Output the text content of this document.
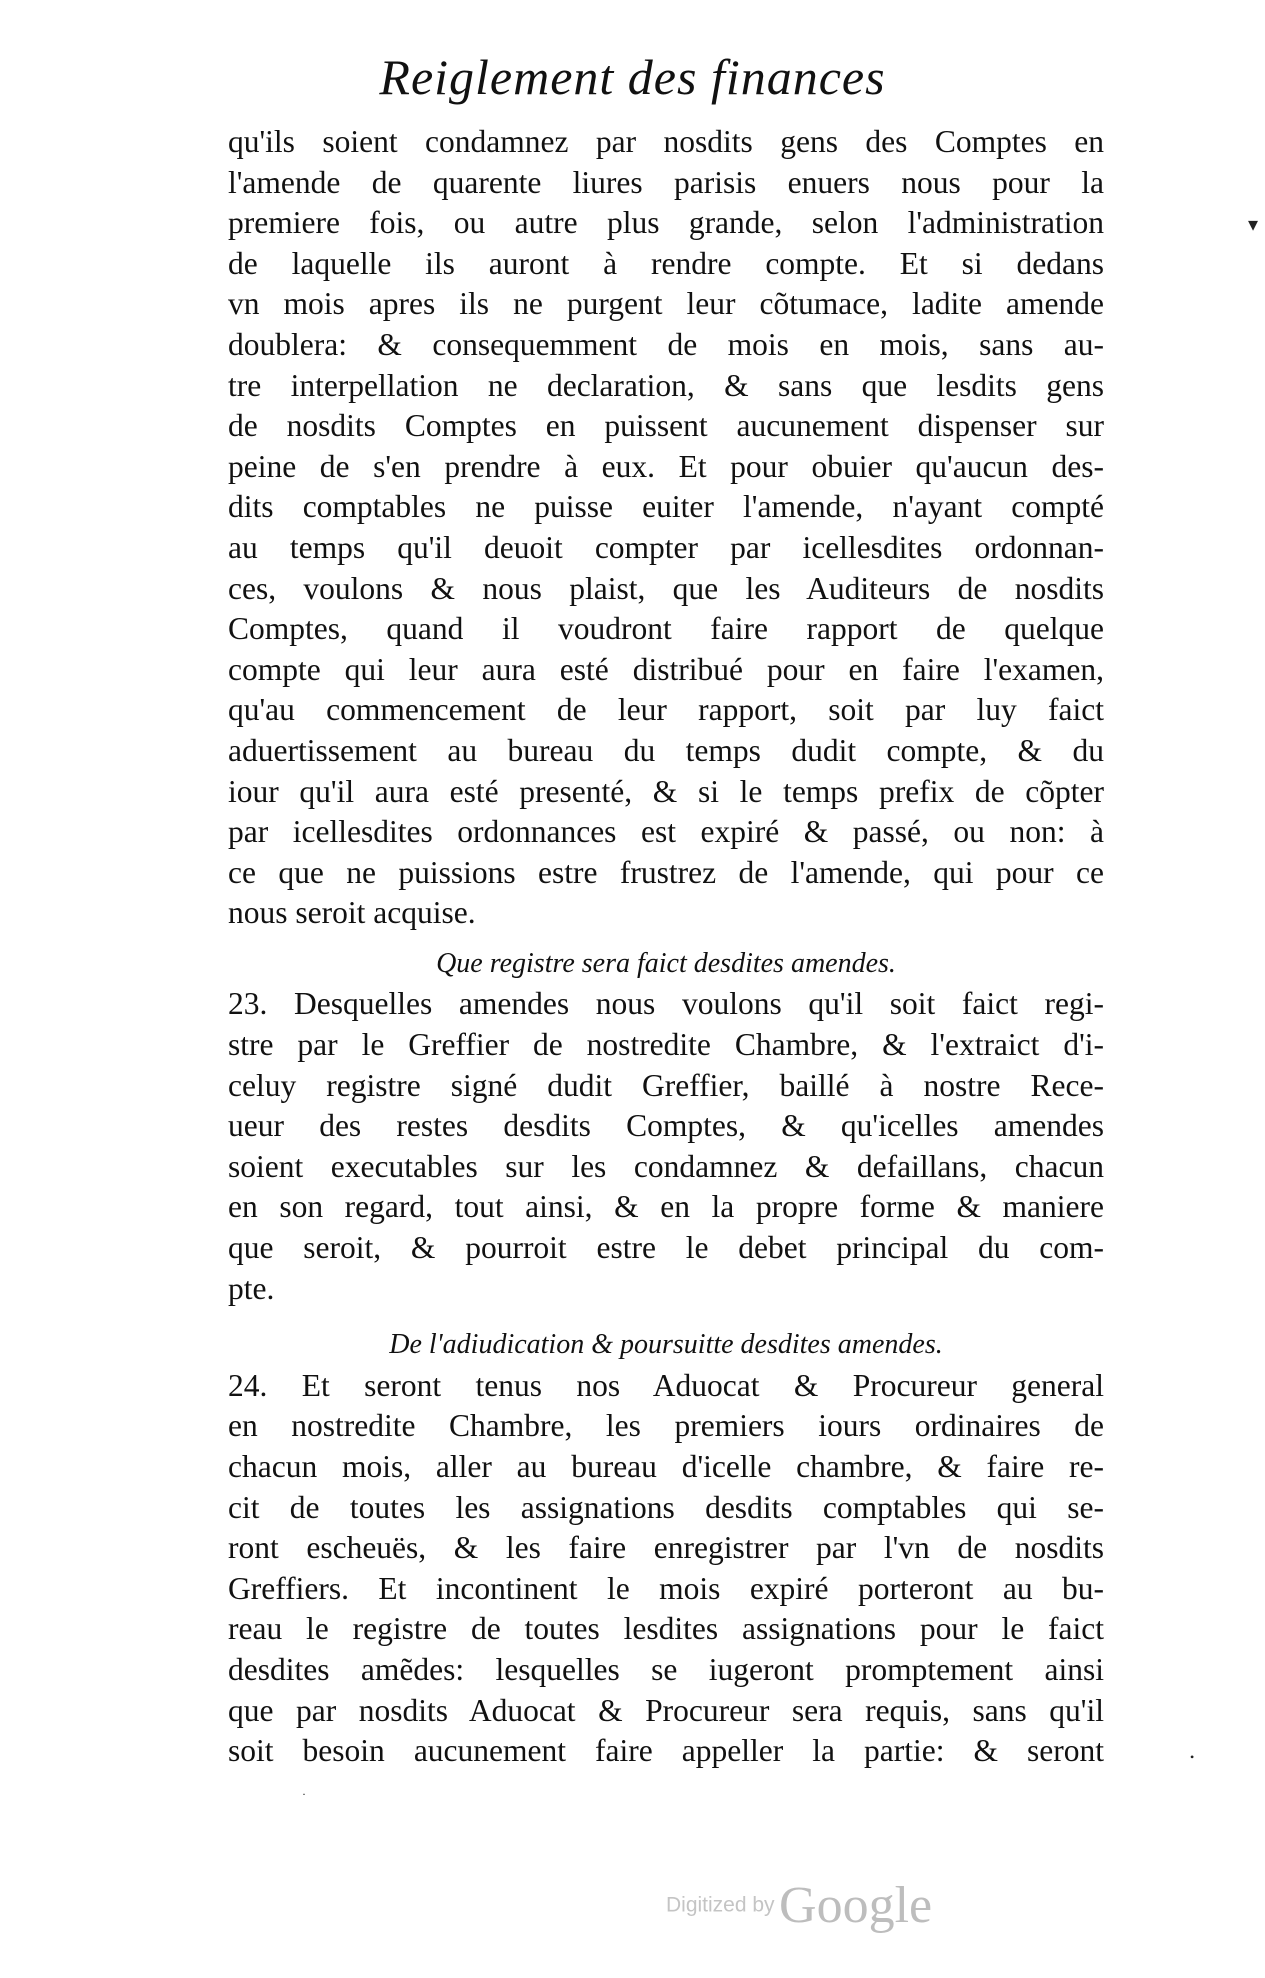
Reiglement des finances
qu'ils soient condamnez par nosdits gens des Comptes en
l'amende de quarente liures parisis enuers nous pour la
premiere fois, ou autre plus grande, selon l'administration
de laquelle ils auront à rendre compte. Et si dedans
vn mois apres ils ne purgent leur cõtumace, ladite amende
doublera: & consequemment de mois en mois, sans au-
tre interpellation ne declaration, & sans que lesdits gens
de nosdits Comptes en puissent aucunement dispenser sur
peine de s'en prendre à eux. Et pour obuier qu'aucun des-
dits comptables ne puisse euiter l'amende, n'ayant compté
au temps qu'il deuoit compter par icellesdites ordonnan-
ces, voulons & nous plaist, que les Auditeurs de nosdits
Comptes, quand il voudront faire rapport de quelque
compte qui leur aura esté distribué pour en faire l'examen,
qu'au commencement de leur rapport, soit par luy faict
aduertissement au bureau du temps dudit compte, & du
iour qu'il aura esté presenté, & si le temps prefix de cõpter
par icellesdites ordonnances est expiré & passé, ou non: à
ce que ne puissions estre frustrez de l'amende, qui pour ce
nous seroit acquise.
Que registre sera faict desdites amendes.
23. Desquelles amendes nous voulons qu'il soit faict regi-
stre par le Greffier de nostredite Chambre, & l'extraict d'i-
celuy registre signé dudit Greffier, baillé à nostre Rece-
ueur des restes desdits Comptes, & qu'icelles amendes
soient executables sur les condamnez & defaillans, chacun
en son regard, tout ainsi, & en la propre forme & maniere
que seroit, & pourroit estre le debet principal du com-
pte.
De l'adiudication & poursuitte desdites amendes.
24. Et seront tenus nos Aduocat & Procureur general
en nostredite Chambre, les premiers iours ordinaires de
chacun mois, aller au bureau d'icelle chambre, & faire re-
cit de toutes les assignations desdits comptables qui se-
ront escheuës, & les faire enregistrer par l'vn de nosdits
Greffiers. Et incontinent le mois expiré porteront au bu-
reau le registre de toutes lesdites assignations pour le faict
desdites amẽdes: lesquelles se iugeront promptement ainsi
que par nosdits Aduocat & Procureur sera requis, sans qu'il
soit besoin aucunement faire appeller la partie: & seront
▾
•
·
Digitized by Google
